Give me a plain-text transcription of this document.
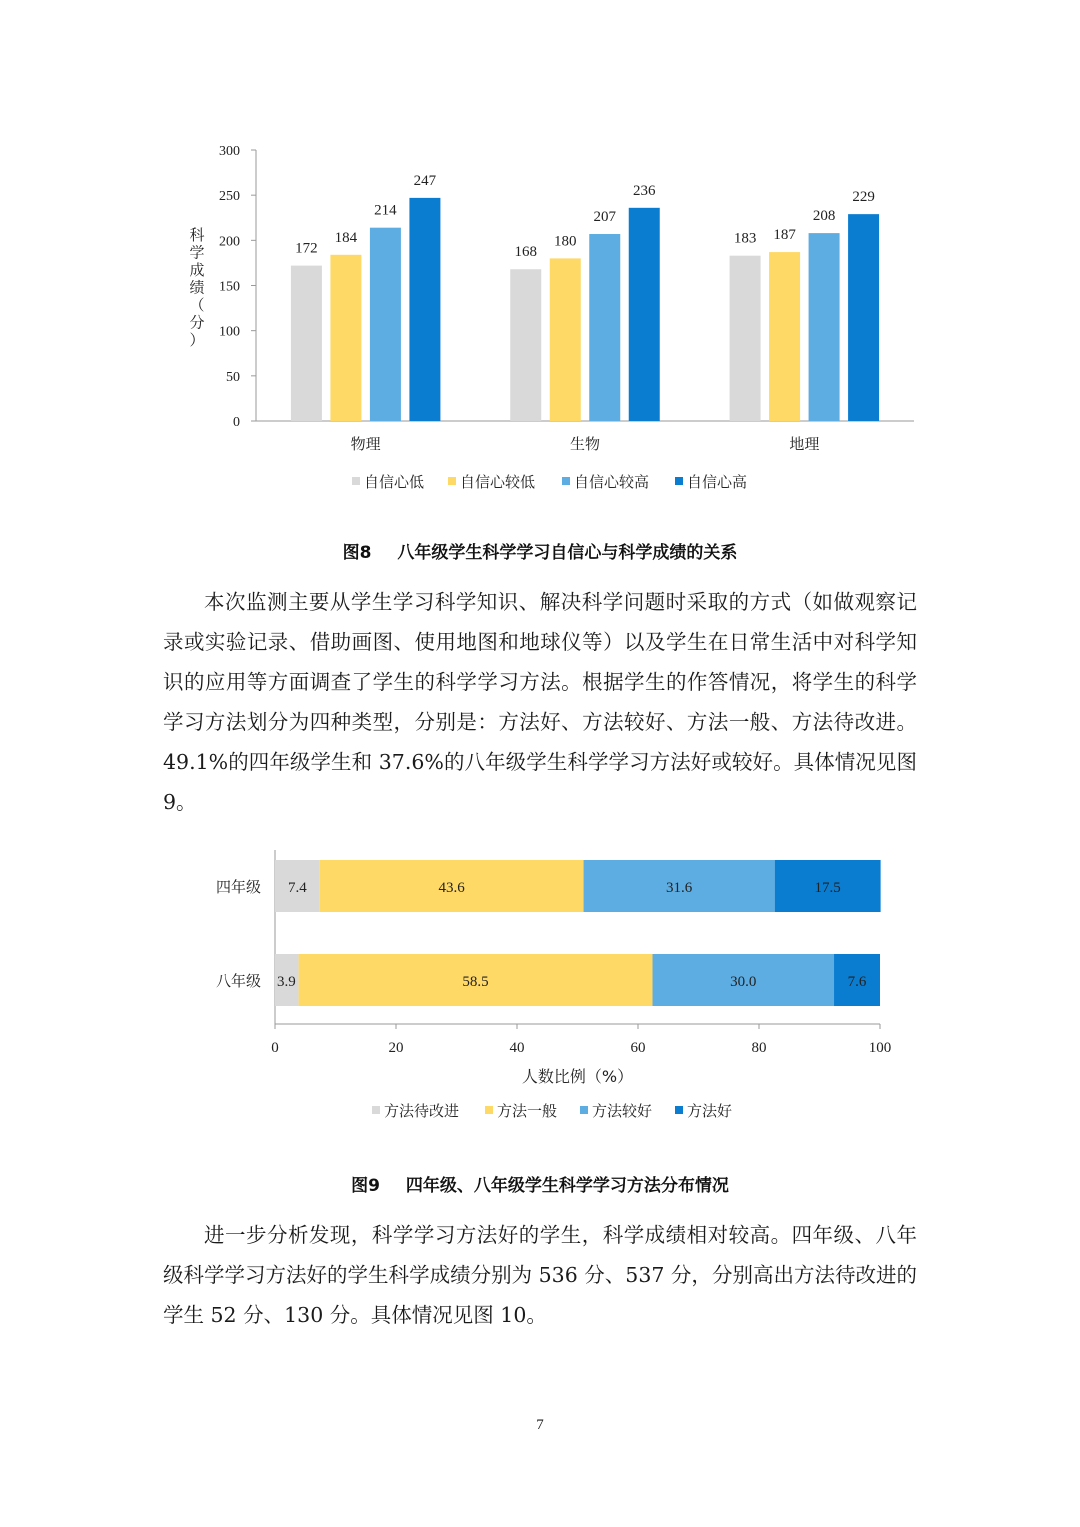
0
50
100
150
200
250
300
科学成绩（分）
172
184
214
247
物理
168
180
207
236
生物
183 187
208
229
地理
自信心低 自信心较低	自信心较高	自信心高
图8 八年级学生科学学习自信心与科学成绩的关系

本次监测主要从学生学习科学知识、解决科学问题时采取的方式（如做观察记录或实验记录、借助画图、使用地图和地球仪等）以及学生在日常生活中对科学知识的应用等方面调查了学生的科学学习方法。根据学生的作答情况，将学生的科学学习方法划分为四种类型，分别是：方法好、方法较好、方法一般、方法待改进。49.1%的四年级学生和 37.6%的八年级学生科学学习方法好或较好。具体情况见图 9。

0	20	40	60	80	100
人数比例（%）
7.4	43.6	31.6	17.5
四年级
3.9	58.5	30.0	7.6
八年级
方法待改进	方法一般 方法较好 方法好
图9 四年级、八年级学生科学学习方法分布情况

进一步分析发现，科学学习方法好的学生，科学成绩相对较高。四年级、八年级科学学习方法好的学生科学成绩分别为 536 分、537 分，分别高出方法待改进的学生 52 分、130 分。具体情况见图 10。

7
